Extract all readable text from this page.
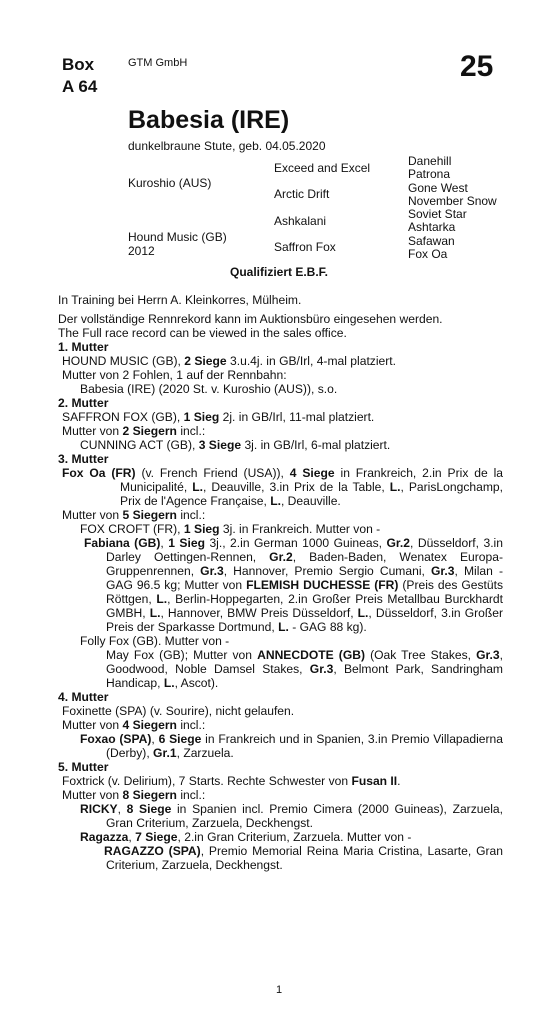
Box
A 64
GTM GmbH	25
Babesia (IRE)
dunkelbraune Stute, geb. 04.05.2020
Kuroshio (AUS)
Hound Music (GB)
2012
Exceed and Excel
Arctic Drift
Ashkalani
Saffron Fox
Danehill
Patrona
Gone West
November Snow
Soviet Star
Ashtarka
Safawan
Fox Oa
Qualifiziert E.B.F.

In Training bei Herrn A. Kleinkorres, Mülheim.

Der vollständige Rennrekord kann im Auktionsbüro eingesehen werden.

The Full race record can be viewed in the sales office.

1. Mutter

HOUND MUSIC (GB), 2 Siege 3.u.4j. in GB/Irl, 4-mal platziert.

Mutter von 2 Fohlen, 1 auf der Rennbahn:

Babesia (IRE) (2020 St. v. Kuroshio (AUS)), s.o.

2. Mutter

SAFFRON FOX (GB), 1 Sieg 2j. in GB/Irl, 11-mal platziert.

Mutter von 2 Siegern incl.:

CUNNING ACT (GB), 3 Siege 3j. in GB/Irl, 6-mal platziert.

3. Mutter

Fox Oa (FR) (v. French Friend (USA)), 4 Siege in Frankreich, 2.in Prix de la Municipalité, L., Deauville, 3.in Prix de la Table, L., ParisLongchamp, Prix de l'Agence Française, L., Deauville.

Mutter von 5 Siegern incl.:

FOX CROFT (FR), 1 Sieg 3j. in Frankreich. Mutter von -

Fabiana (GB), 1 Sieg 3j., 2.in German 1000 Guineas, Gr.2, Düsseldorf, 3.in Darley Oettingen-Rennen, Gr.2, Baden-Baden, Wenatex Europa-Gruppenrennen, Gr.3, Hannover, Premio Sergio Cumani, Gr.3, Milan - GAG 96.5 kg; Mutter von FLEMISH DUCHESSE (FR) (Preis des Gestüts Röttgen, L., Berlin-Hoppegarten, 2.in Großer Preis Metallbau Burckhardt GMBH, L., Hannover, BMW Preis Düsseldorf, L., Düsseldorf, 3.in Großer Preis der Sparkasse Dortmund, L. - GAG 88 kg).

Folly Fox (GB). Mutter von -

May Fox (GB); Mutter von ANNECDOTE (GB) (Oak Tree Stakes, Gr.3, Goodwood, Noble Damsel Stakes, Gr.3, Belmont Park, Sandringham Handicap, L., Ascot).

4. Mutter

Foxinette (SPA) (v. Sourire), nicht gelaufen.

Mutter von 4 Siegern incl.:

Foxao (SPA), 6 Siege in Frankreich und in Spanien, 3.in Premio Villapadierna (Derby), Gr.1, Zarzuela.

5. Mutter

Foxtrick (v. Delirium), 7 Starts. Rechte Schwester von Fusan II.

Mutter von 8 Siegern incl.:

RICKY, 8 Siege in Spanien incl. Premio Cimera (2000 Guineas), Zarzuela, Gran Criterium, Zarzuela, Deckhengst.

Ragazza, 7 Siege, 2.in Gran Criterium, Zarzuela. Mutter von -

RAGAZZO (SPA), Premio Memorial Reina Maria Cristina, Lasarte, Gran Criterium, Zarzuela, Deckhengst.

1
